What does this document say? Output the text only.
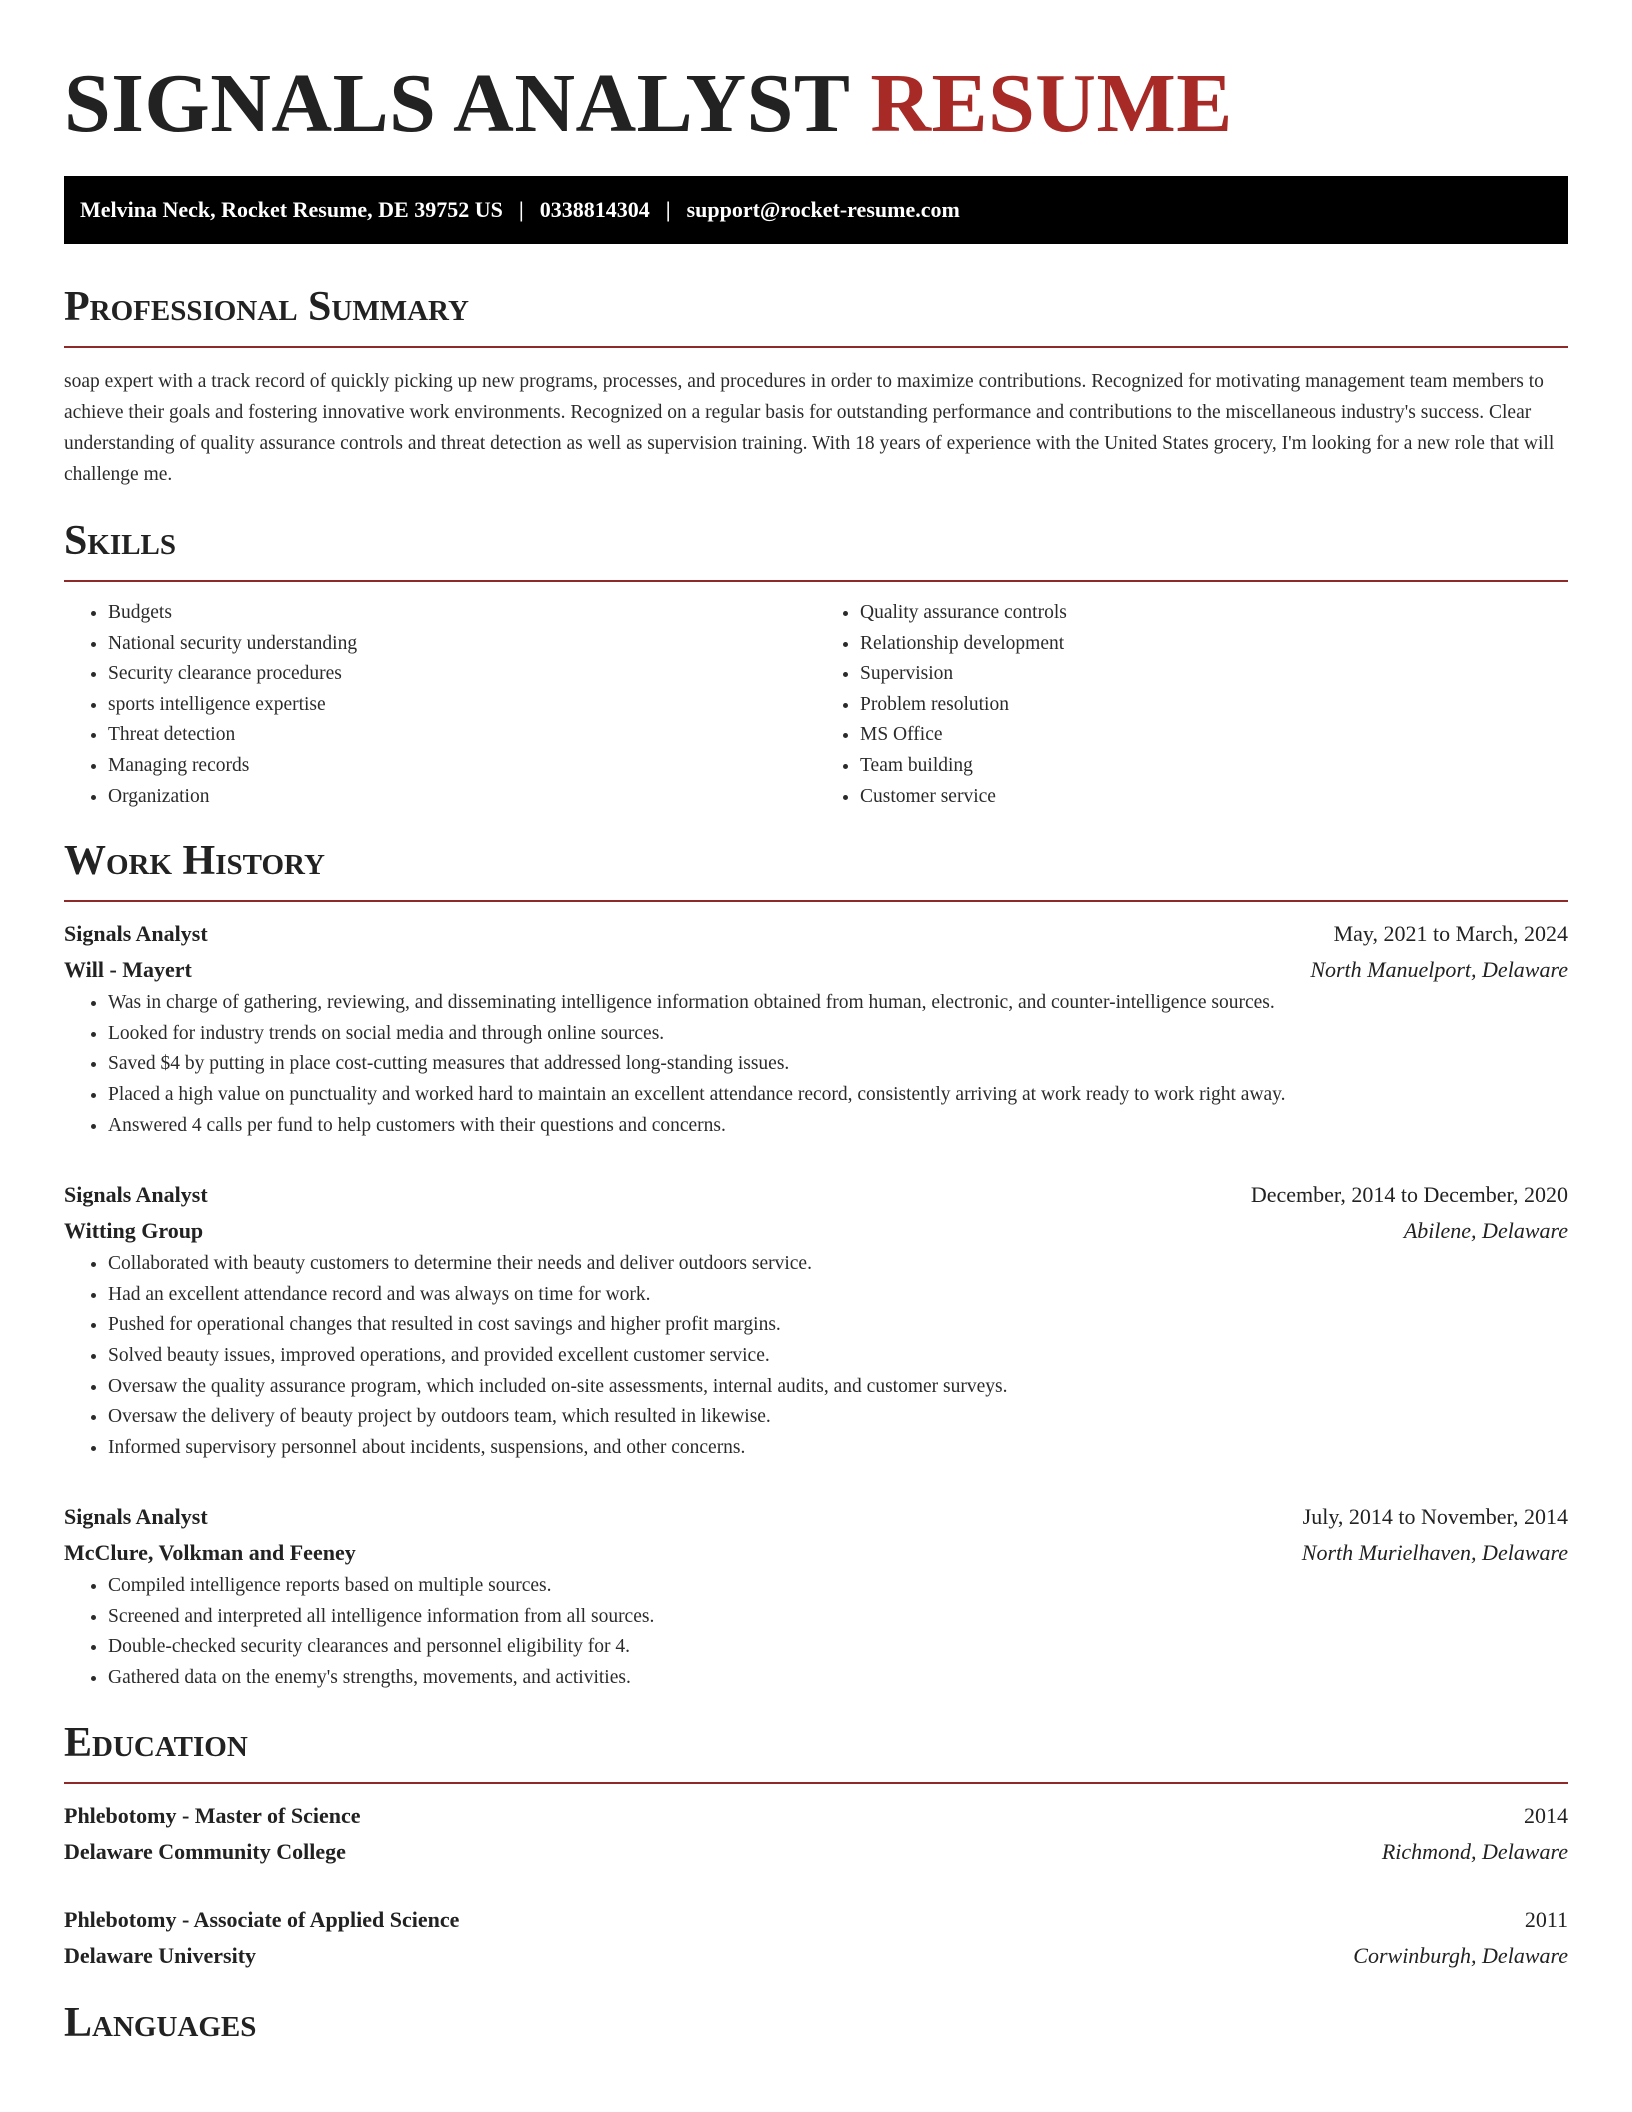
SIGNALS ANALYST RESUME
Melvina Neck, Rocket Resume, DE 39752 US | 0338814304 | support@rocket-resume.com
Professional Summary

soap expert with a track record of quickly picking up new programs, processes, and procedures in order to maximize contributions. Recognized for motivating management team members to achieve their goals and fostering innovative work environments. Recognized on a regular basis for outstanding performance and contributions to the miscellaneous industry's success. Clear understanding of quality assurance controls and threat detection as well as supervision training. With 18 years of experience with the United States grocery, I'm looking for a new role that will challenge me.

Skills
• Budgets
• National security understanding
• Security clearance procedures
• sports intelligence expertise
• Threat detection
• Managing records
• Organization
• Quality assurance controls
• Relationship development
• Supervision
• Problem resolution
• MS Office
• Team building
• Customer service
Work History
Signals Analyst	May, 2021 to March, 2024
Will - Mayert	North Manuelport, Delaware
• Was in charge of gathering, reviewing, and disseminating intelligence information obtained from human, electronic, and counter-intelligence sources.
• Looked for industry trends on social media and through online sources.
• Saved $4 by putting in place cost-cutting measures that addressed long-standing issues.
• Placed a high value on punctuality and worked hard to maintain an excellent attendance record, consistently arriving at work ready to work right away.
• Answered 4 calls per fund to help customers with their questions and concerns.
Signals Analyst	December, 2014 to December, 2020
Witting Group	Abilene, Delaware
• Collaborated with beauty customers to determine their needs and deliver outdoors service.
• Had an excellent attendance record and was always on time for work.
• Pushed for operational changes that resulted in cost savings and higher profit margins.
• Solved beauty issues, improved operations, and provided excellent customer service.
• Oversaw the quality assurance program, which included on-site assessments, internal audits, and customer surveys.
• Oversaw the delivery of beauty project by outdoors team, which resulted in likewise.
• Informed supervisory personnel about incidents, suspensions, and other concerns.
Signals Analyst	July, 2014 to November, 2014
McClure, Volkman and Feeney	North Murielhaven, Delaware
• Compiled intelligence reports based on multiple sources.
• Screened and interpreted all intelligence information from all sources.
• Double-checked security clearances and personnel eligibility for 4.
• Gathered data on the enemy's strengths, movements, and activities.
Education
Phlebotomy - Master of Science	2014
Delaware Community College	Richmond, Delaware
Phlebotomy - Associate of Applied Science	2011
Delaware University	Corwinburgh, Delaware
Languages
